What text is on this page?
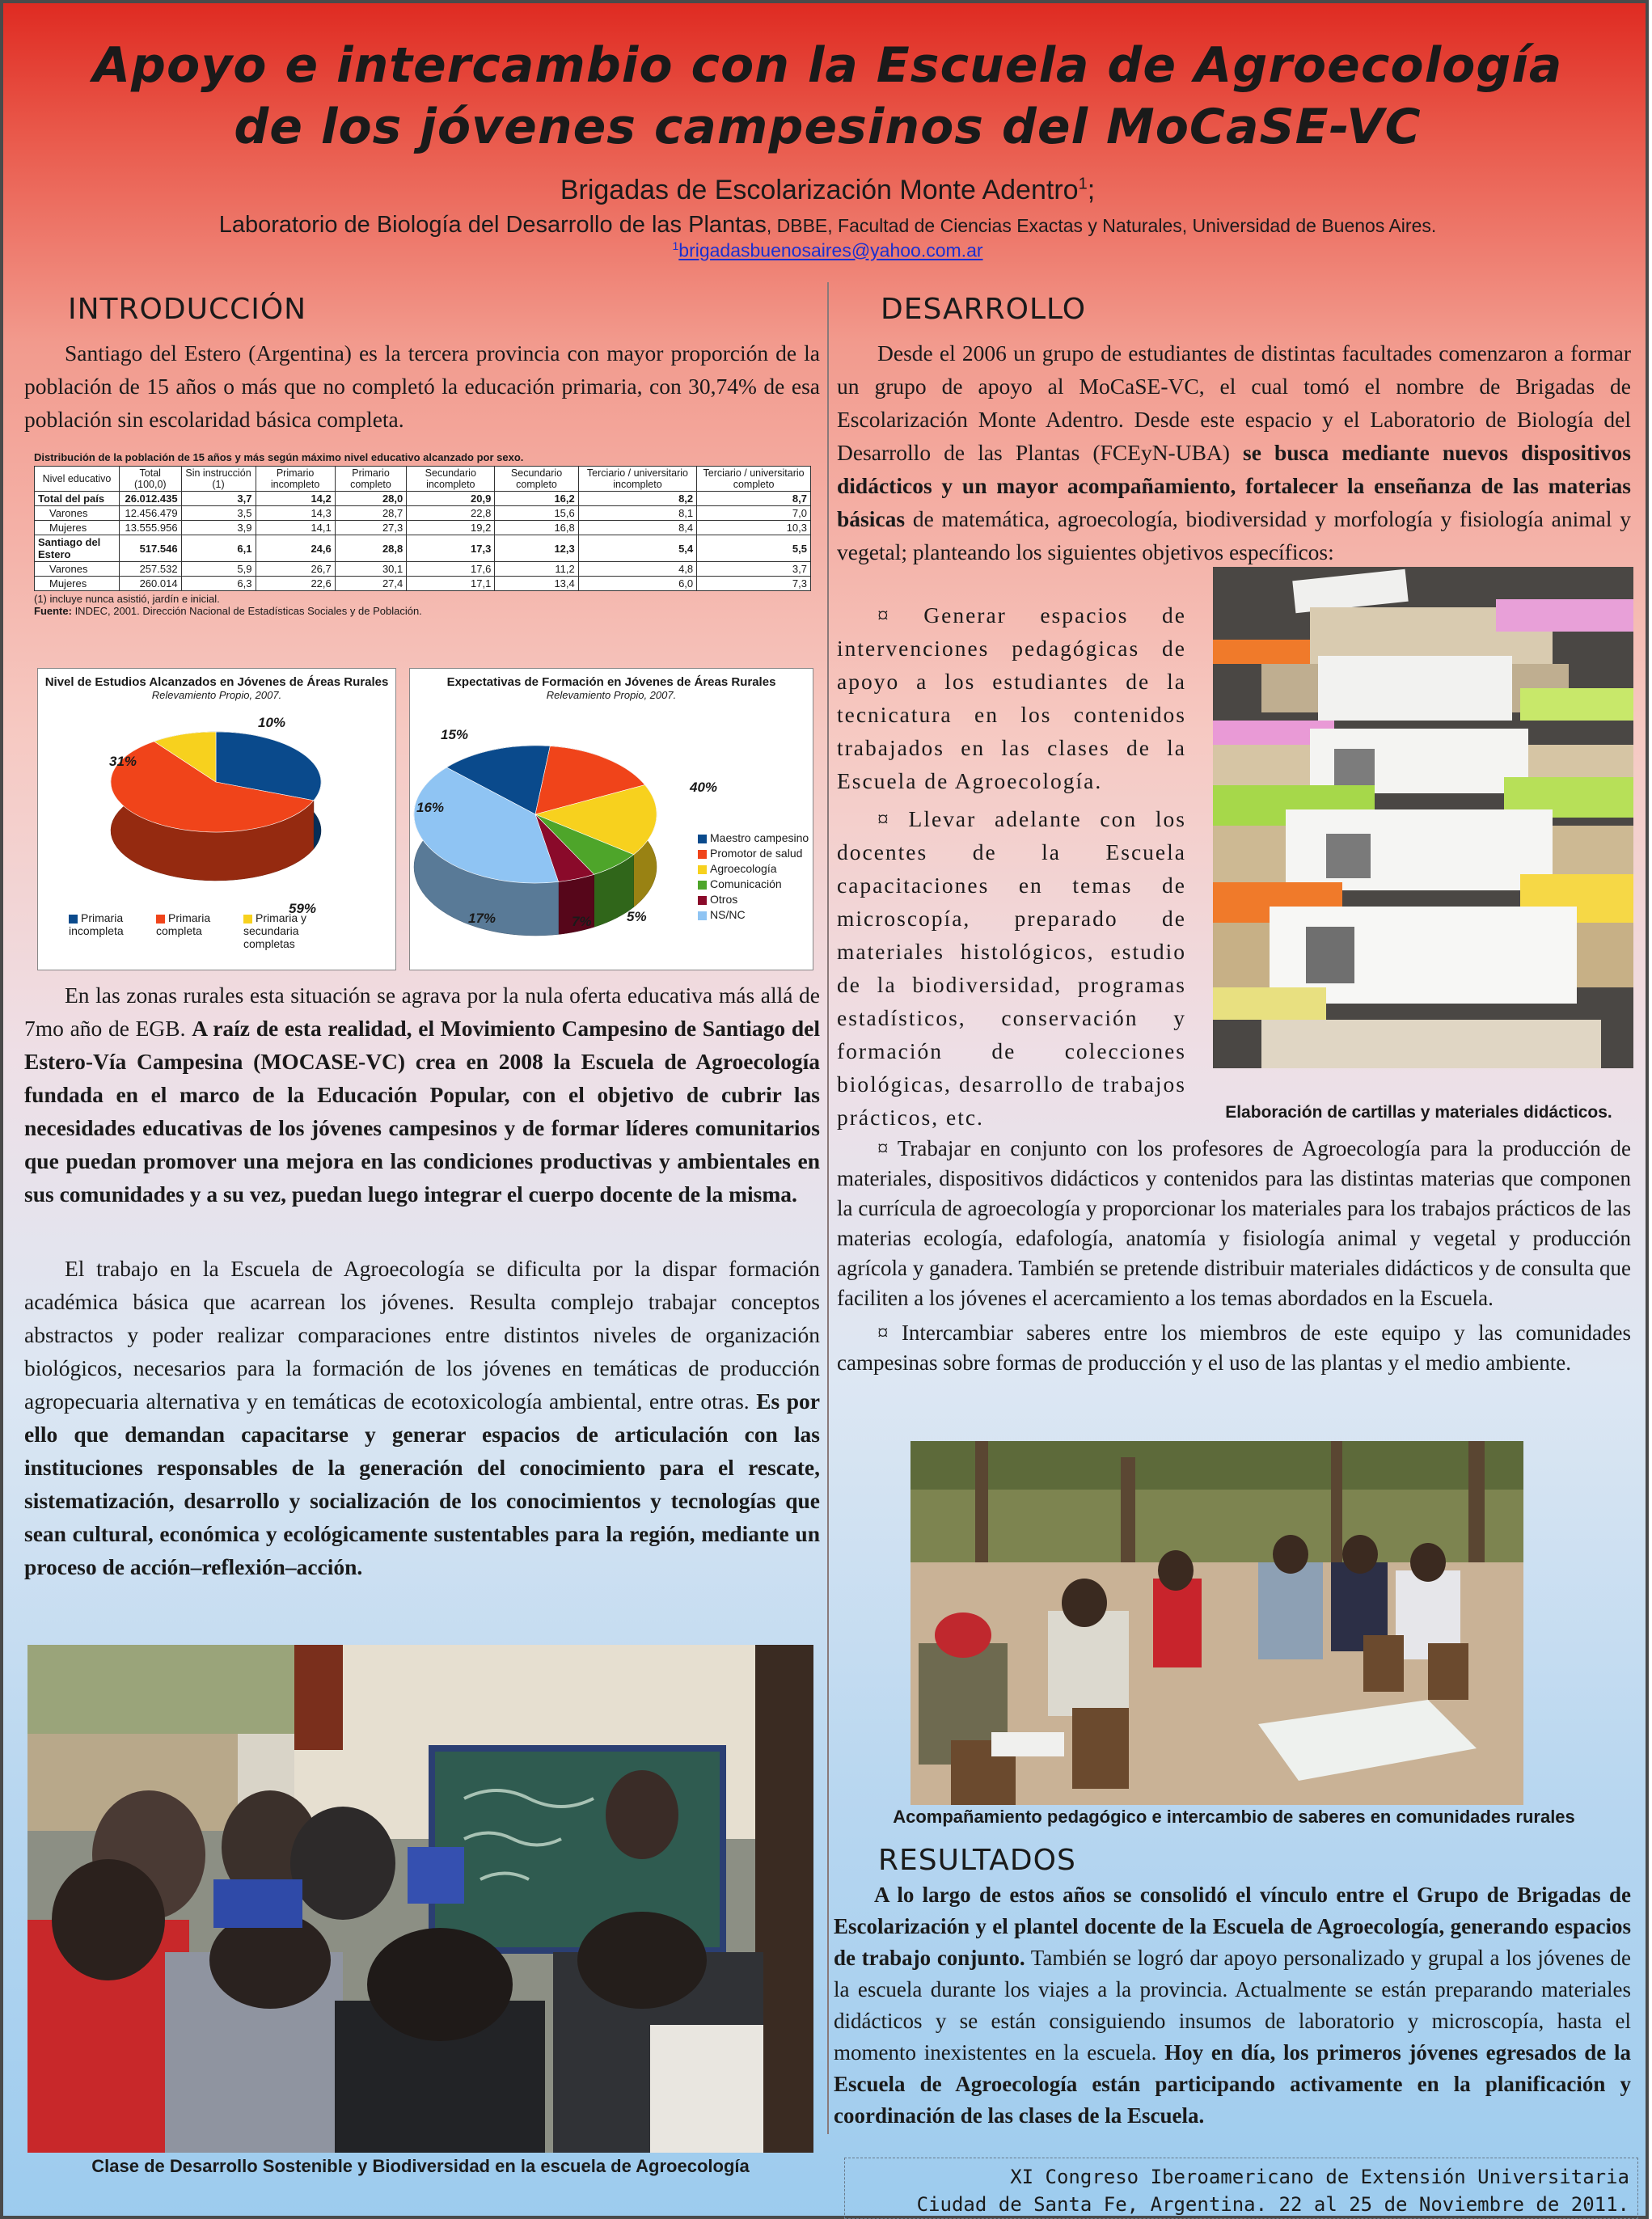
Apoyo e intercambio con la Escuela de Agroecología
de los jóvenes campesinos del MoCaSE-VC
Brigadas de Escolarización Monte Adentro$^1$;
Laboratorio de Biología del Desarrollo de las Plantas, DBBE, Facultad de Ciencias Exactas y Naturales, Universidad de Buenos Aires.
$^1$brigadasbuenosaires@yahoo.com.ar
INTRODUCCIÓN

Santiago del Estero (Argentina) es la tercera provincia con mayor proporción de la población de 15 años o más que no completó la educación primaria, con 30,74% de esa población sin escolaridad básica completa.

Distribución de la población de 15 años y más según máximo nivel educativo alcanzado por sexo.
Nivel educativo	Total (100,0)	Sin instrucción (1)	Primario incompleto	Primario completo	Secundario incompleto	Secundario completo	Terciario / universitario incompleto	Terciario / universitario completo
Total del país	26.012.435	3,7	14,2	28,0	20,9	16,2	8,2	8,7
Varones	12.456.479	3,5	14,3	28,7	22,8	15,6	8,1	7,0
Mujeres	13.555.956	3,9	14,1	27,3	19,2	16,8	8,4	10,3
Santiago del Estero	517.546	6,1	24,6	28,8	17,3	12,3	5,4	5,5
Varones	257.532	5,9	26,7	30,1	17,6	11,2	4,8	3,7
Mujeres	260.014	6,3	22,6	27,4	17,1	13,4	6,0	7,3
(1) incluye nunca asistió, jardín e inicial.
Fuente: INDEC, 2001. Dirección Nacional de Estadísticas Sociales y de Población.
Nivel de Estudios Alcanzados en Jóvenes de Áreas Rurales
Relevamiento Propio, 2007.
31%
59%
10%
Primaria incompletaPrimaria completaPrimaria y secundaria completas
Expectativas de Formación en Jóvenes de Áreas Rurales
Relevamiento Propio, 2007.
15%
16%
17%	7%	5%
40%
Maestro campesino
Promotor de salud
Agroecología
Comunicación
Otros
NS/NC

En las zonas rurales esta situación se agrava por la nula oferta educativa más allá de 7mo año de EGB. A raíz de esta realidad, el Movimiento Campesino de Santiago del Estero-Vía Campesina (MOCASE-VC) crea en 2008 la Escuela de Agroecología fundada en el marco de la Educación Popular, con el objetivo de cubrir las necesidades educativas de los jóvenes campesinos y de formar líderes comunitarios que puedan promover una mejora en las condiciones productivas y ambientales en sus comunidades y a su vez, puedan luego integrar el cuerpo docente de la misma.

El trabajo en la Escuela de Agroecología se dificulta por la dispar formación académica básica que acarrean los jóvenes. Resulta complejo trabajar conceptos abstractos y poder realizar comparaciones entre distintos niveles de organización biológicos, necesarios para la formación de los jóvenes en temáticas de producción agropecuaria alternativa y en temáticas de ecotoxicología ambiental, entre otras. Es por ello que demandan capacitarse y generar espacios de articulación con las instituciones responsables de la generación del conocimiento para el rescate, sistematización, desarrollo y socialización de los conocimientos y tecnologías que sean cultural, económica y ecológicamente sustentables para la región, mediante un proceso de acción–reflexión–acción.

Clase de Desarrollo Sostenible y Biodiversidad en la escuela de Agroecología
DESARROLLO

Desde el 2006 un grupo de estudiantes de distintas facultades comenzaron a formar un grupo de apoyo al MoCaSE-VC, el cual tomó el nombre de Brigadas de Escolarización Monte Adentro. Desde este espacio y el Laboratorio de Biología del Desarrollo de las Plantas (FCEyN-UBA) se busca mediante nuevos dispositivos didácticos y un mayor acompañamiento, fortalecer la enseñanza de las materias básicas de matemática, agroecología, biodiversidad y morfología y fisiología animal y vegetal; planteando los siguientes objetivos específicos:

¤ Generar espacios de intervenciones pedagógicas de apoyo a los estudiantes de la tecnicatura en los contenidos trabajados en las clases de la Escuela de Agroecología.

¤ Llevar adelante con los docentes de la Escuela capacitaciones en temas de microscopía, preparado de materiales histológicos, estudio de la biodiversidad, programas estadísticos, conservación y formación de colecciones biológicas, desarrollo de trabajos prácticos, etc.	Elaboración de cartillas y materiales didácticos.

¤ Trabajar en conjunto con los profesores de Agroecología para la producción de materiales, dispositivos didácticos y contenidos para las distintas materias que componen la currícula de agroecología y proporcionar los materiales para los trabajos prácticos de las materias ecología, edafología, anatomía y fisiología animal y vegetal y producción agrícola y ganadera. También se pretende distribuir materiales didácticos y de consulta que faciliten a los jóvenes el acercamiento a los temas abordados en la Escuela.

¤ Intercambiar saberes entre los miembros de este equipo y las comunidades campesinas sobre formas de producción y el uso de las plantas y el medio ambiente.

Acompañamiento pedagógico e intercambio de saberes en comunidades rurales
RESULTADOS

A lo largo de estos años se consolidó el vínculo entre el Grupo de Brigadas de Escolarización y el plantel docente de la Escuela de Agroecología, generando espacios de trabajo conjunto. También se logró dar apoyo personalizado y grupal a los jóvenes de la escuela durante los viajes a la provincia. Actualmente se están preparando materiales didácticos y se están consiguiendo insumos de laboratorio y microscopía, hasta el momento inexistentes en la escuela. Hoy en día, los primeros jóvenes egresados de la Escuela de Agroecología están participando activamente en la planificación y coordinación de las clases de la Escuela.

XI Congreso Iberoamericano de Extensión Universitaria
Ciudad de Santa Fe, Argentina. 22 al 25 de Noviembre de 2011.
